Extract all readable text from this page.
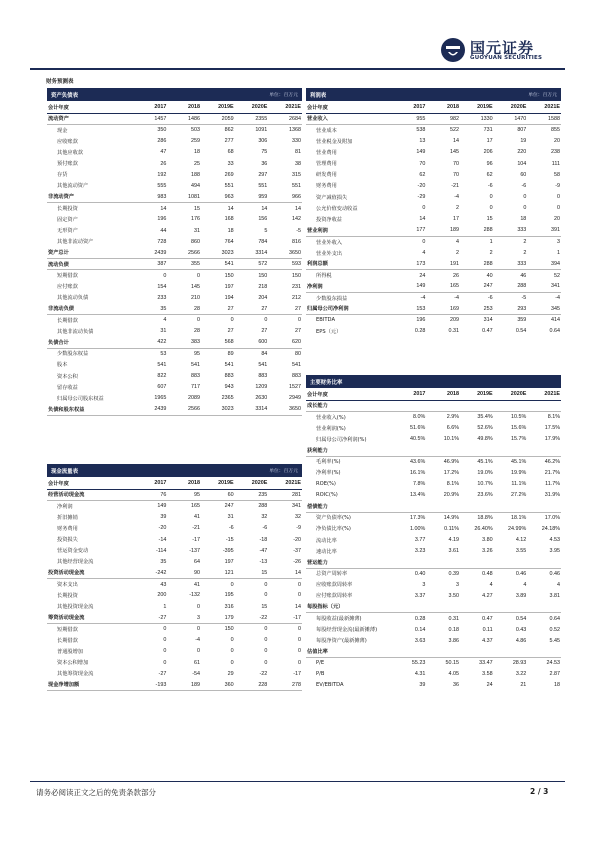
国元证券
GUOYUAN SECURITIES
财务预测表
资产负债表	单位：百万元
会计年度	2017	2018	2019E	2020E	2021E
流动资产	1457	1486	2059	2355	2684
现金	350	503	862	1091	1368
应收账款	286	259	277	306	330
其他应收款	47	18	68	75	81
预付账款	26	25	33	36	38
存货	192	188	269	297	315
其他流动资产	555	494	551	551	551
非流动资产	983	1081	963	959	966
长期投资	14	15	14	14	14
固定资产	196	176	168	156	142
无形资产	44	31	18	5	-5
其他非流动资产	728	860	764	784	816
资产总计	2439	2566	3023	3314	3650
流动负债	387	355	541	572	593
短期借款	0	0	150	150	150
应付账款	154	145	197	218	231
其他流动负债	233	210	194	204	212
非流动负债	35	28	27	27	27
长期借款	4	0	0	0	0
其他非流动负债	31	28	27	27	27
负债合计	422	383	568	600	620
少数股东权益	53	95	89	84	80
股本	541	541	541	541	541
资本公积	822	883	883	883	883
留存收益	607	717	943	1209	1527
归属母公司股东权益	1965	2089	2365	2630	2949
负债和股东权益	2439	2566	3023	3314	3650
利润表	单位：百万元
会计年度	2017	2018	2019E	2020E	2021E
营业收入	955	982	1330	1470	1588
营业成本	538	522	731	807	855
营业税金及附加	13	14	17	19	20
营业费用	149	145	206	220	238
管理费用	70	70	96	104	111
研发费用	62	70	62	60	58
财务费用	-20	-21	-6	-6	-9
资产减值损失	-29	-4	0	0	0
公允价值变动收益	0	2	0	0	0
投资净收益	14	17	15	18	20
营业利润	177	189	288	333	391
营业外收入	0	4	1	2	3
营业外支出	4	2	2	2	1
利润总额	173	191	288	333	394
所得税	24	26	40	46	52
净利润	149	165	247	288	341
少数股东损益	-4	-4	-6	-5	-4
归属母公司净利润	153	169	253	293	345
EBITDA	196	209	314	359	414
EPS（元）	0.28	0.31	0.47	0.54	0.64
现金流量表	单位：百万元
会计年度	2017	2018	2019E	2020E	2021E
经营活动现金流	76	95	60	235	281
净利润	149	165	247	288	341
折旧摊销	39	41	31	32	32
财务费用	-20	-21	-6	-6	-9
投资损失	-14	-17	-15	-18	-20
营运资金变动	-114	-137	-395	-47	-37
其他经营现金流	35	64	197	-13	-26
投资活动现金流	-242	90	121	15	14
资本支出	43	41	0	0	0
长期投资	200	-132	195	0	0
其他投资现金流	1	0	316	15	14
筹资活动现金流	-27	3	179	-22	-17
短期借款	0	0	150	0	0
长期借款	0	-4	0	0	0
普通股增加	0	0	0	0	0
资本公积增加	0	61	0	0	0
其他筹资现金流	-27	-54	29	-22	-17
现金净增加额	-193	189	360	228	278
主要财务比率
会计年度	2017	2018	2019E	2020E	2021E
成长能力					
营业收入(%)	8.0%	2.9%	35.4%	10.5%	8.1%
营业利润(%)	51.6%	6.6%	52.6%	15.6%	17.5%
归属母公司净利润(%)	40.5%	10.1%	49.8%	15.7%	17.9%
获利能力					
毛利率(%)	43.6%	46.9%	45.1%	45.1%	46.2%
净利率(%)	16.1%	17.2%	19.0%	19.9%	21.7%
ROE(%)	7.8%	8.1%	10.7%	11.1%	11.7%
ROIC(%)	13.4%	20.9%	23.6%	27.2%	31.9%
偿债能力					
资产负债率(%)	17.3%	14.9%	18.8%	18.1%	17.0%
净负债比率(%)	1.00%	0.11%	26.40%	24.99%	24.18%
流动比率	3.77	4.19	3.80	4.12	4.53
速动比率	3.23	3.61	3.26	3.55	3.95
营运能力					
总资产周转率	0.40	0.39	0.48	0.46	0.46
应收账款周转率	3	3	4	4	4
应付账款周转率	3.37	3.50	4.27	3.89	3.81
每股指标（元）					
每股收益(最新摊薄)	0.28	0.31	0.47	0.54	0.64
每股经营现金流(最新摊薄)	0.14	0.18	0.11	0.43	0.52
每股净资产(最新摊薄)	3.63	3.86	4.37	4.86	5.45
估值比率					
P/E	55.23	50.15	33.47	28.93	24.53
P/B	4.31	4.05	3.58	3.22	2.87
EV/EBITDA	39	36	24	21	18
请务必阅读正文之后的免责条款部分	2 / 3
